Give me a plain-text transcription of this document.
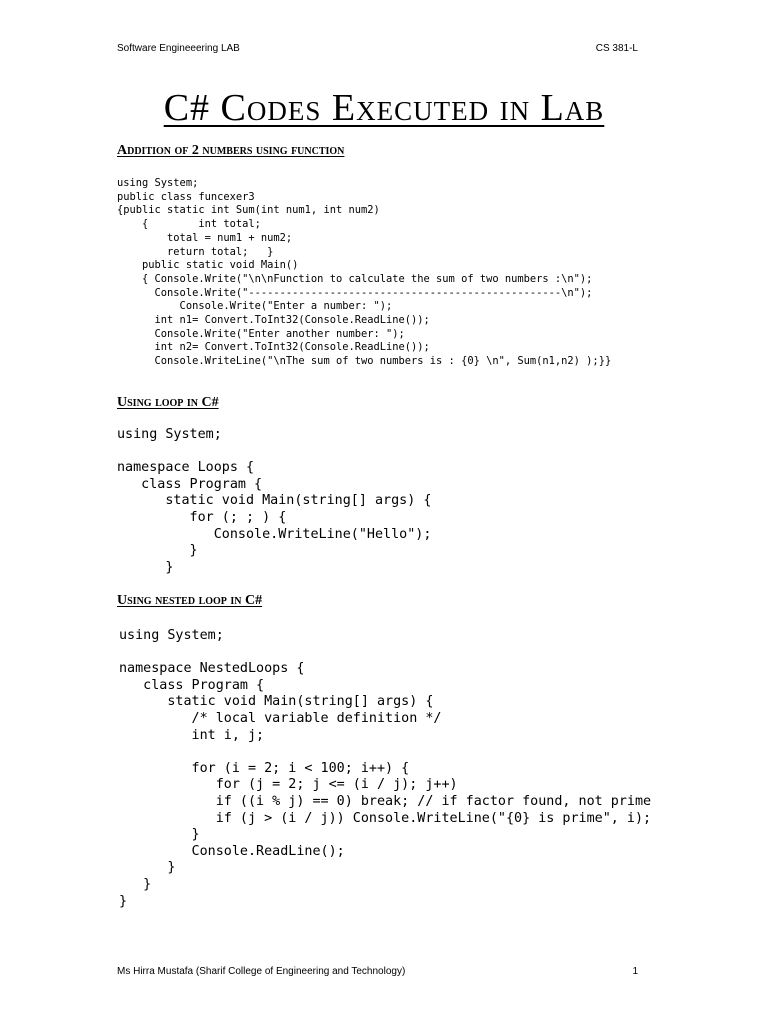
Software Engineeering LAB	CS 381-L
C# Codes Executed in Lab
Addition of 2 numbers using function
using System;
public class funcexer3
{public static int Sum(int num1, int num2)
{        int total;
total = num1 + num2;
return total;   }
public static void Main()
{ Console.Write("\n\nFunction to calculate the sum of two numbers :\n");
Console.Write("--------------------------------------------------\n");
Console.Write("Enter a number: ");
int n1= Convert.ToInt32(Console.ReadLine());
Console.Write("Enter another number: ");
int n2= Convert.ToInt32(Console.ReadLine());
Console.WriteLine("\nThe sum of two numbers is : {0} \n", Sum(n1,n2) );}}
Using loop in C#
using System;

namespace Loops {
class Program {
static void Main(string[] args) {
for (; ; ) {
Console.WriteLine("Hello");
}
}
Using nested loop in C#
using System;

namespace NestedLoops {
class Program {
static void Main(string[] args) {
/* local variable definition */
int i, j;

for (i = 2; i < 100; i++) {
for (j = 2; j <= (i / j); j++)
if ((i % j) == 0) break; // if factor found, not prime
if (j > (i / j)) Console.WriteLine("{0} is prime", i);
}
Console.ReadLine();
}
}
}
Ms Hirra Mustafa (Sharif College of Engineering and Technology)	1
